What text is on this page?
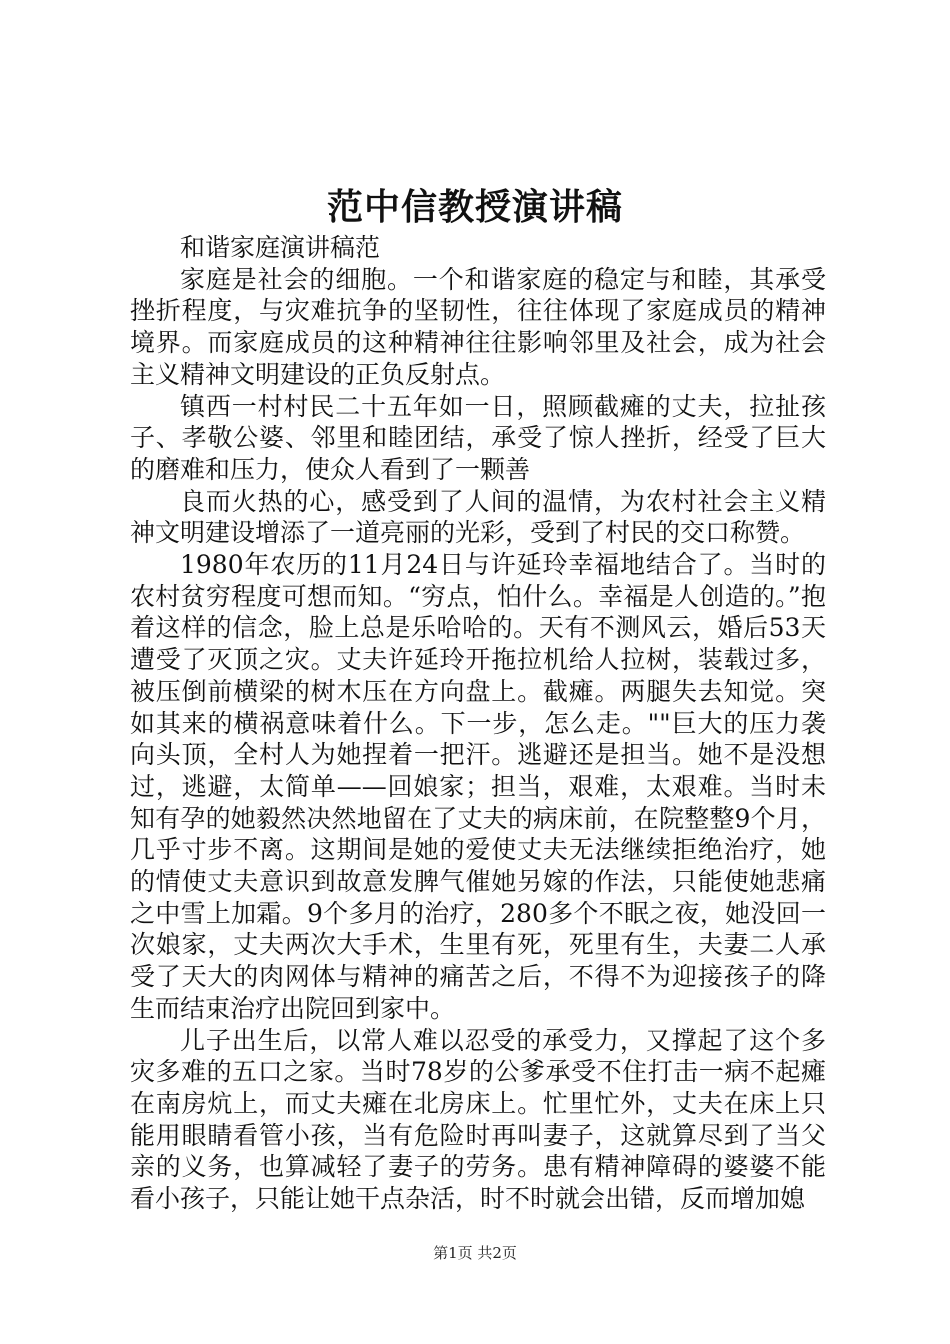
范中信教授演讲稿

和谐家庭演讲稿范

家庭是社会的细胞。一个和谐家庭的稳定与和睦，其承受挫折程度，与灾难抗争的坚韧性，往往体现了家庭成员的精神境界。而家庭成员的这种精神往往影响邻里及社会，成为社会主义精神文明建设的正负反射点。

镇西一村村民二十五年如一日，照顾截瘫的丈夫，拉扯孩子、孝敬公婆、邻里和睦团结，承受了惊人挫折，经受了巨大的磨难和压力，使众人看到了一颗善

良而火热的心，感受到了人间的温情，为农村社会主义精神文明建设增添了一道亮丽的光彩，受到了村民的交口称赞。

1980年农历的11月24日与许延玲幸福地结合了。当时的农村贫穷程度可想而知。“穷点，怕什么。幸福是人创造的。”抱着这样的信念，脸上总是乐哈哈的。天有不测风云，婚后53天遭受了灭顶之灾。丈夫许延玲开拖拉机给人拉树，装载过多，被压倒前横梁的树木压在方向盘上。截瘫。两腿失去知觉。突如其来的横祸意味着什么。下一步，怎么走。""巨大的压力袭向头顶，全村人为她捏着一把汗。逃避还是担当。她不是没想过，逃避，太简单——回娘家；担当，艰难，太艰难。当时未知有孕的她毅然决然地留在了丈夫的病床前，在院整整9个月，几乎寸步不离。这期间是她的爱使丈夫无法继续拒绝治疗，她的情使丈夫意识到故意发脾气催她另嫁的作法，只能使她悲痛之中雪上加霜。9个多月的治疗，280多个不眠之夜，她没回一次娘家，丈夫两次大手术，生里有死，死里有生，夫妻二人承受了天大的肉网体与精神的痛苦之后，不得不为迎接孩子的降生而结束治疗出院回到家中。

儿子出生后，以常人难以忍受的承受力，又撑起了这个多灾多难的五口之家。当时78岁的公爹承受不住打击一病不起瘫在南房炕上，而丈夫瘫在北房床上。忙里忙外，丈夫在床上只能用眼睛看管小孩，当有危险时再叫妻子，这就算尽到了当父亲的义务，也算减轻了妻子的劳务。患有精神障碍的婆婆不能看小孩子，只能让她干点杂活，时不时就会出错，反而增加媳

第1页 共2页
